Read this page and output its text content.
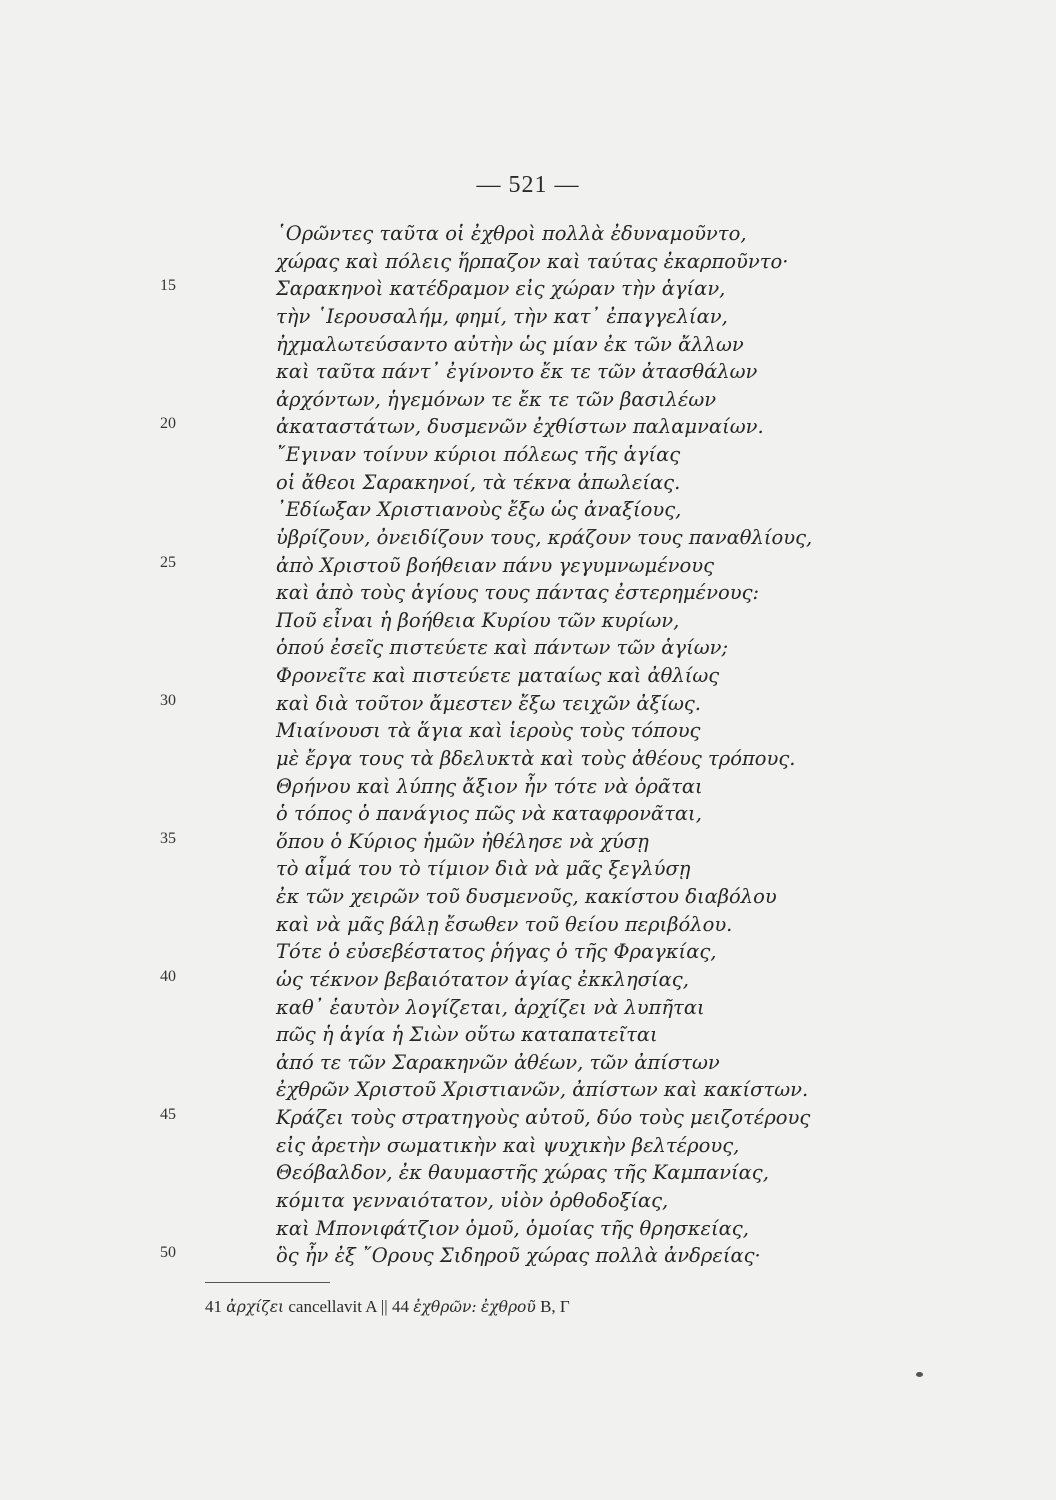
— 521 —
῾Ορῶντες ταῦτα οἱ ἐχθροὶ πολλὰ ἐδυναμοῦντο,
χώρας καὶ πόλεις ἥρπαζον καὶ ταύτας ἐκαρποῦντο·
15	Σαρακηνοὶ κατέδραμον εἰς χώραν τὴν ἁγίαν,
τὴν ῾Ιερουσαλήμ, φημί, τὴν κατ᾽ ἐπαγγελίαν,
ἠχμαλωτεύσαντο αὐτὴν ὡς μίαν ἐκ τῶν ἄλλων
καὶ ταῦτα πάντ᾽ ἐγίνοντο ἔκ τε τῶν ἀτασθάλων
ἀρχόντων, ἡγεμόνων τε ἔκ τε τῶν βασιλέων
20	ἀκαταστάτων, δυσμενῶν ἐχθίστων παλαμναίων.
῎Εγιναν τοίνυν κύριοι πόλεως τῆς ἁγίας
οἱ ἄθεοι Σαρακηνοί, τὰ τέκνα ἀπωλείας.
᾽Εδίωξαν Χριστιανοὺς ἔξω ὡς ἀναξίους,
ὑβρίζουν, ὀνειδίζουν τους, κράζουν τους παναθλίους,
25	ἀπὸ Χριστοῦ βοήθειαν πάνυ γεγυμνωμένους
καὶ ἀπὸ τοὺς ἁγίους τους πάντας ἐστερημένους:
Ποῦ εἶναι ἡ βοήθεια Κυρίου τῶν κυρίων,
ὁπού ἐσεῖς πιστεύετε καὶ πάντων τῶν ἁγίων;
Φρονεῖτε καὶ πιστεύετε ματαίως καὶ ἀθλίως
30	καὶ διὰ τοῦτον ἄμεστεν ἔξω τειχῶν ἀξίως.
Μιαίνουσι τὰ ἅγια καὶ ἱεροὺς τοὺς τόπους
μὲ ἔργα τους τὰ βδελυκτὰ καὶ τοὺς ἀθέους τρόπους.
Θρήνου καὶ λύπης ἄξιον ἦν τότε νὰ ὁρᾶται
ὁ τόπος ὁ πανάγιος πῶς νὰ καταφρονᾶται,
35	ὅπου ὁ Κύριος ἡμῶν ἠθέλησε νὰ χύσῃ
τὸ αἷμά του τὸ τίμιον διὰ νὰ μᾶς ξεγλύσῃ
ἐκ τῶν χειρῶν τοῦ δυσμενοῦς, κακίστου διαβόλου
καὶ νὰ μᾶς βάλῃ ἔσωθεν τοῦ θείου περιβόλου.
Τότε ὁ εὐσεβέστατος ῥήγας ὁ τῆς Φραγκίας,
40	ὡς τέκνον βεβαιότατον ἁγίας ἐκκλησίας,
καθ᾽ ἑαυτὸν λογίζεται, ἀρχίζει νὰ λυπῆται
πῶς ἡ ἁγία ἡ Σιὼν οὕτω καταπατεῖται
ἀπό τε τῶν Σαρακηνῶν ἀθέων, τῶν ἀπίστων
ἐχθρῶν Χριστοῦ Χριστιανῶν, ἀπίστων καὶ κακίστων.
45	Κράζει τοὺς στρατηγοὺς αὐτοῦ, δύο τοὺς μειζοτέρους
εἰς ἀρετὴν σωματικὴν καὶ ψυχικὴν βελτέρους,
Θεόβαλδον, ἐκ θαυμαστῆς χώρας τῆς Καμπανίας,
κόμιτα γενναιότατον, υἱὸν ὀρθοδοξίας,
καὶ Μπονιφάτζιον ὁμοῦ, ὁμοίας τῆς θρησκείας,
50	ὃς ἦν ἐξ ῎Ορους Σιδηροῦ χώρας πολλὰ ἀνδρείας·
41 ἀρχίζει cancellavit A || 44 ἐχθρῶν: ἐχθροῦ Β, Γ
